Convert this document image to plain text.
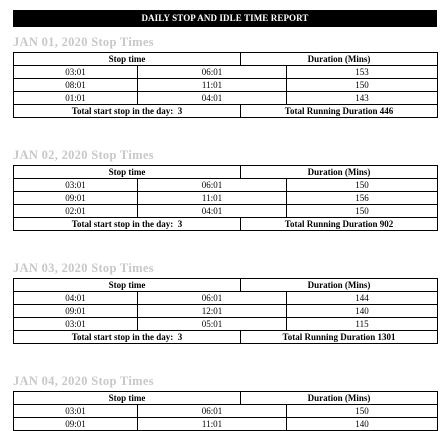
DAILY STOP AND IDLE TIME REPORT
JAN 01, 2020 Stop Times
Stop time		Duration (Mins)	
03:01	06:01		153
08:01	11:01		150
01:01	04:01		143
Total start stop in the day: 3		Total Running Duration 446	
JAN 02, 2020 Stop Times
Stop time		Duration (Mins)	
03:01	06:01		150
09:01	11:01		156
02:01	04:01		150
Total start stop in the day: 3		Total Running Duration 902	
JAN 03, 2020 Stop Times
Stop time		Duration (Mins)	
04:01	06:01		144
09:01	12:01		140
03:01	05:01		115
Total start stop in the day: 3		Total Running Duration 1301	
JAN 04, 2020 Stop Times
Stop time		Duration (Mins)	
03:01	06:01		150
09:01	11:01		140
